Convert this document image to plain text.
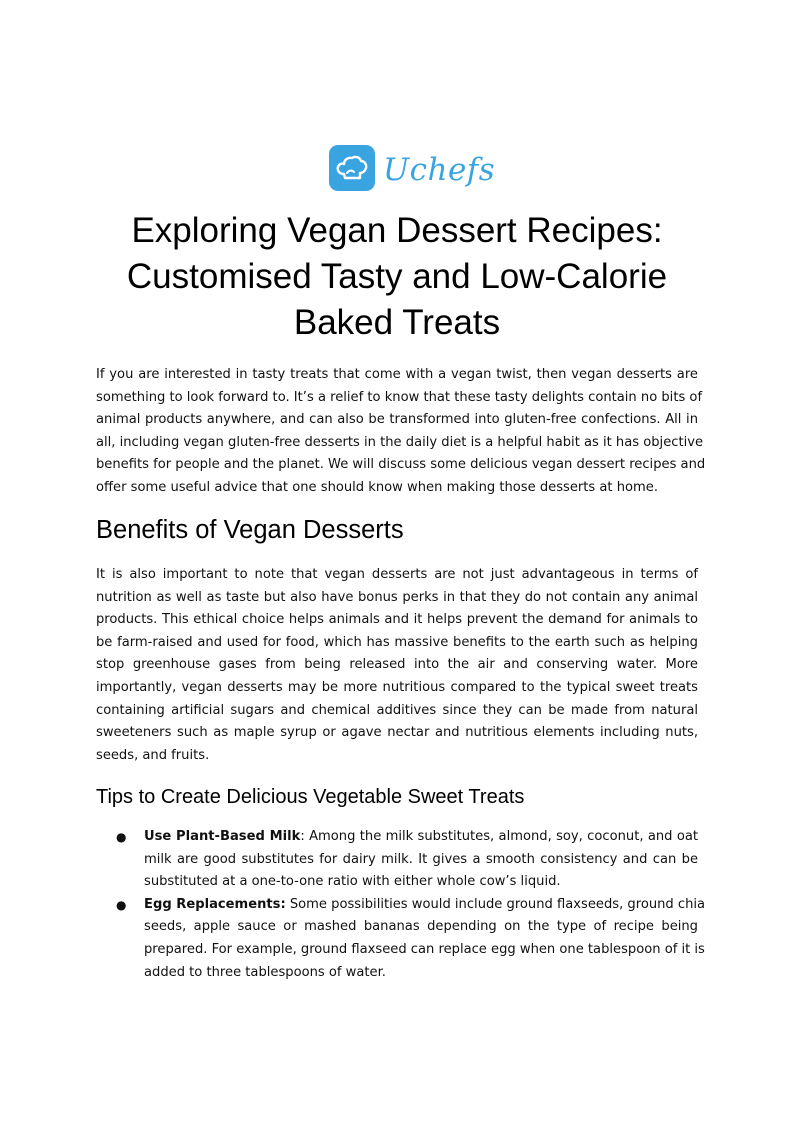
Uchefs
Exploring Vegan Dessert Recipes:
Customised Tasty and Low-Calorie
Baked Treats

If you are interested in tasty treats that come with a vegan twist, then vegan desserts are
something to look forward to. It’s a relief to know that these tasty delights contain no bits of
animal products anywhere, and can also be transformed into gluten-free confections. All in
all, including vegan gluten-free desserts in the daily diet is a helpful habit as it has objective
benefits for people and the planet. We will discuss some delicious vegan dessert recipes and
offer some useful advice that one should know when making those desserts at home.

Benefits of Vegan Desserts

It is also important to note that vegan desserts are not just advantageous in terms of
nutrition as well as taste but also have bonus perks in that they do not contain any animal
products. This ethical choice helps animals and it helps prevent the demand for animals to
be farm-raised and used for food, which has massive benefits to the earth such as helping
stop greenhouse gases from being released into the air and conserving water. More
importantly, vegan desserts may be more nutritious compared to the typical sweet treats
containing artificial sugars and chemical additives since they can be made from natural
sweeteners such as maple syrup or agave nectar and nutritious elements including nuts,
seeds, and fruits.

Tips to Create Delicious Vegetable Sweet Treats
● Use Plant-Based Milk: Among the milk substitutes, almond, soy, coconut, and oat
milk are good substitutes for dairy milk. It gives a smooth consistency and can be
substituted at a one-to-one ratio with either whole cow’s liquid.
● Egg Replacements: Some possibilities would include ground flaxseeds, ground chia
seeds, apple sauce or mashed bananas depending on the type of recipe being
prepared. For example, ground flaxseed can replace egg when one tablespoon of it is
added to three tablespoons of water.
